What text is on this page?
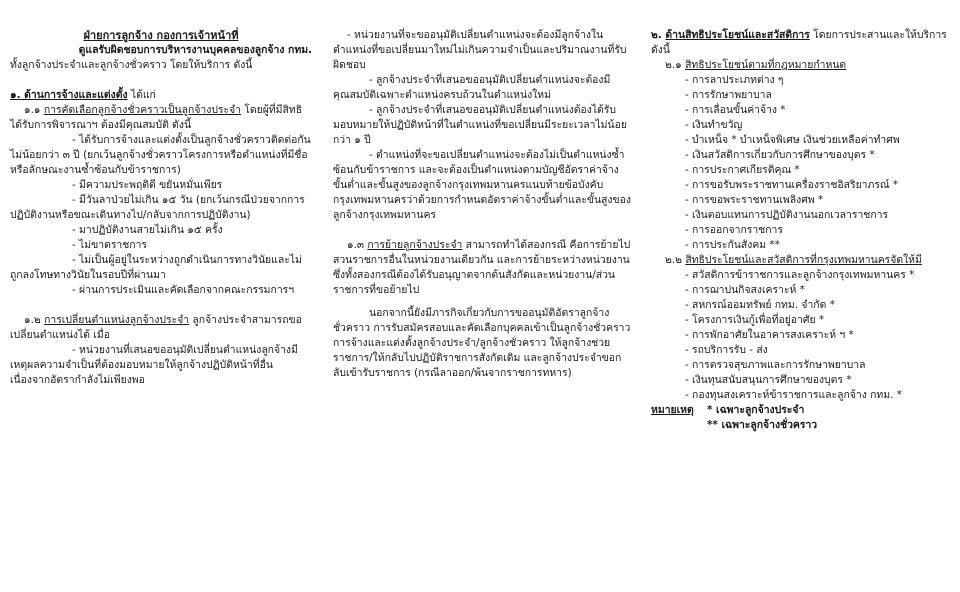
ฝ่ายการลูกจ้าง กองการเจ้าหน้าที่

ดูแลรับผิดชอบการบริหารงานบุคคลของลูกจ้าง กทม.

ทั้งลูกจ้างประจำและลูกจ้างชั่วคราว โดยให้บริการ ดังนี้

๑. ด้านการจ้างและแต่งตั้ง ได้แก่

๑.๑ การคัดเลือกลูกจ้างชั่วคราวเป็นลูกจ้างประจำ โดยผู้ที่มีสิทธิได้รับการพิจารณาฯ ต้องมีคุณสมบัติ ดังนี้

- ได้รับการจ้างและแต่งตั้งเป็นลูกจ้างชั่วคราวติดต่อกันไม่น้อยกว่า ๓ ปี (ยกเว้นลูกจ้างชั่วคราวโครงการหรือตำแหน่งที่มีชื่อหรือลักษณะงานซ้ำซ้อนกับข้าราชการ)

- มีความประพฤติดี ขยันหมั่นเพียร

- มีวันลาป่วยไม่เกิน ๑๕ วัน (ยกเว้นกรณีป่วยจากการปฏิบัติงานหรือขณะเดินทางไป/กลับจากการปฏิบัติงาน)

- มาปฏิบัติงานสายไม่เกิน ๑๕ ครั้ง

- ไม่ขาดราชการ

- ไม่เป็นผู้อยู่ในระหว่างถูกดำเนินการทางวินัยและไม่ถูกลงโทษทางวินัยในรอบปีที่ผ่านมา

- ผ่านการประเมินและคัดเลือกจากคณะกรรมการฯ

๑.๒ การเปลี่ยนตำแหน่งลูกจ้างประจำ ลูกจ้างประจำสามารถขอเปลี่ยนตำแหน่งได้ เมื่อ

- หน่วยงานที่เสนอขออนุมัติเปลี่ยนตำแหน่งลูกจ้างมีเหตุผลความจำเป็นที่ต้องมอบหมายให้ลูกจ้างปฏิบัติหน้าที่อื่นเนื่องจากอัตรากำลังไม่เพียงพอ

- หน่วยงานที่จะขออนุมัติเปลี่ยนตำแหน่งจะต้องมีลูกจ้างในตำแหน่งที่ขอเปลี่ยนมาใหม่ไม่เกินความจำเป็นและปริมาณงานที่รับผิดชอบ

- ลูกจ้างประจำที่เสนอขออนุมัติเปลี่ยนตำแหน่งจะต้องมีคุณสมบัติเฉพาะตำแหน่งครบถ้วนในตำแหน่งใหม่

- ลูกจ้างประจำที่เสนอขออนุมัติเปลี่ยนตำแหน่งต้องได้รับมอบหมายให้ปฏิบัติหน้าที่ในตำแหน่งที่ขอเปลี่ยนมีระยะเวลาไม่น้อยกว่า ๑ ปี

- ตำแหน่งที่จะขอเปลี่ยนตำแหน่งจะต้องไม่เป็นตำแหน่งซ้ำซ้อนกับข้าราชการ และจะต้องเป็นตำแหน่งตามบัญชีอัตราค่าจ้างขั้นต่ำและขั้นสูงของลูกจ้างกรุงเทพมหานครแนบท้ายข้อบังคับกรุงเทพมหานครว่าด้วยการกำหนดอัตราค่าจ้างขั้นต่ำและขั้นสูงของลูกจ้างกรุงเทพมหานคร

๑.๓ การย้ายลูกจ้างประจำ สามารถทำได้สองกรณี คือการย้ายไปสวนราชการอื่นในหน่วยงานเดียวกัน และการย้ายระหว่างหน่วยงาน ซึ่งทั้งสองกรณีต้องได้รับอนุญาตจากต้นสังกัดและหน่วยงาน/ส่วนราชการที่ขอย้ายไป

นอกจากนี้ยังมีภารกิจเกี่ยวกับการขออนุมัติอัตราลูกจ้างชั่วคราว การรับสมัครสอบและคัดเลือกบุคคลเข้าเป็นลูกจ้างชั่วคราว การจ้างและแต่งตั้งลูกจ้างประจำ/ลูกจ้างชั่วคราว ให้ลูกจ้างช่วยราชการ/ให้กลับไปปฏิบัติราชการสังกัดเดิม และลูกจ้างประจำขอกลับเข้ารับราชการ (กรณีลาออก/พ้นจากราชการทหาร)

๒. ด้านสิทธิประโยชน์และสวัสดิการ โดยการประสานและให้บริการ ดังนี้

๒.๑ สิทธิประโยชน์ตามที่กฎหมายกำหนด

- การลาประเภทต่าง ๆ

- การรักษาพยาบาล

- การเลื่อนขั้นค่าจ้าง *

- เงินทำขวัญ

- บำเหน็จ * บำเหน็จพิเศษ เงินช่วยเหลือค่าทำศพ

- เงินสวัสดิการเกี่ยวกับการศึกษาของบุตร *

- การประกาศเกียรติคุณ *

- การขอรับพระราชทานเครื่องราชอิสริยาภรณ์ *

- การขอพระราชทานเพลิงศพ *

- เงินตอบแทนการปฏิบัติงานนอกเวลาราชการ

- การออกจากราชการ

- การประกันสังคม **

๒.๒ สิทธิประโยชน์และสวัสดิการที่กรุงเทพมหานครจัดให้มี

- สวัสดิการข้าราชการและลูกจ้างกรุงเทพมหานคร *

- การฌาปนกิจสงเคราะห์ *

- สหกรณ์ออมทรัพย์ กทม. จำกัด *

- โครงการเงินกู้เพื่อที่อยู่อาศัย *

- การพักอาศัยในอาคารสงเคราะห์ ฯ *

- รถบริการรับ - ส่ง

- การตรวจสุขภาพและการรักษาพยาบาล

- เงินทุนสนับสนุนการศึกษาของบุตร *

- กองทุนสงเคราะห์ข้าราชการและลูกจ้าง กทม. *

หมายเหตุ	* เฉพาะลูกจ้างประจำ
** เฉพาะลูกจ้างชั่วคราว
